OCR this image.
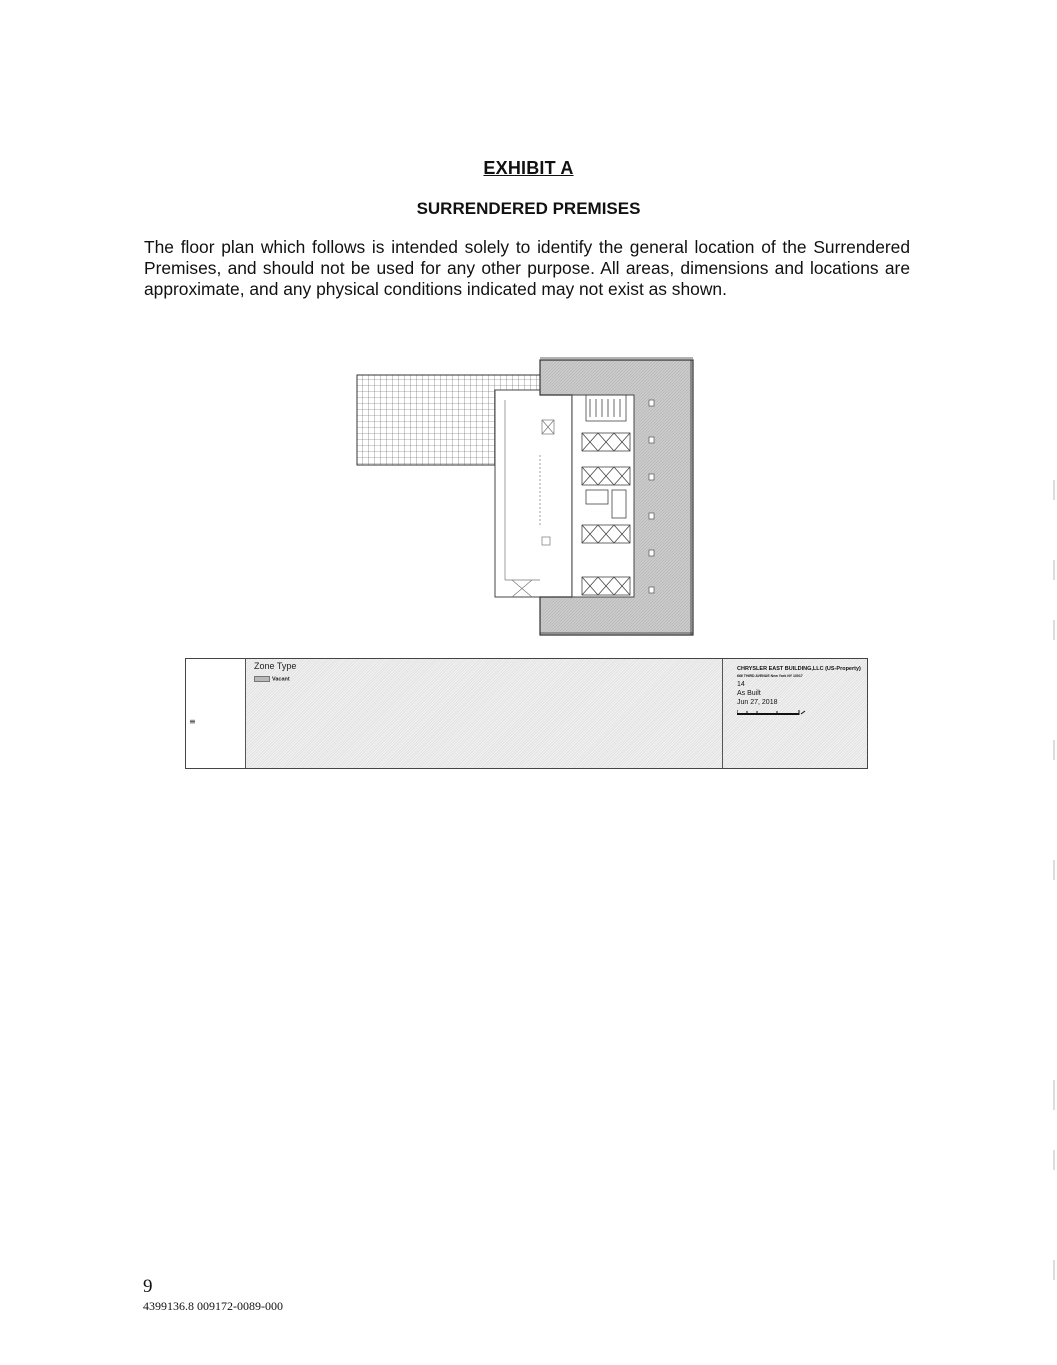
EXHIBIT A
SURRENDERED PREMISES

The floor plan which follows is intended solely to identify the general location of the Surrendered Premises, and should not be used for any other purpose. All areas, dimensions and locations are approximate, and any physical conditions indicated may not exist as shown.

≡
Zone Type
Vacant
CHRYSLER EAST BUILDING,LLC (US-Property)
666 THIRD AVENUE New York NY 10017
14
As Built
Jun 27, 2018
9
4399136.8 009172-0089-000
